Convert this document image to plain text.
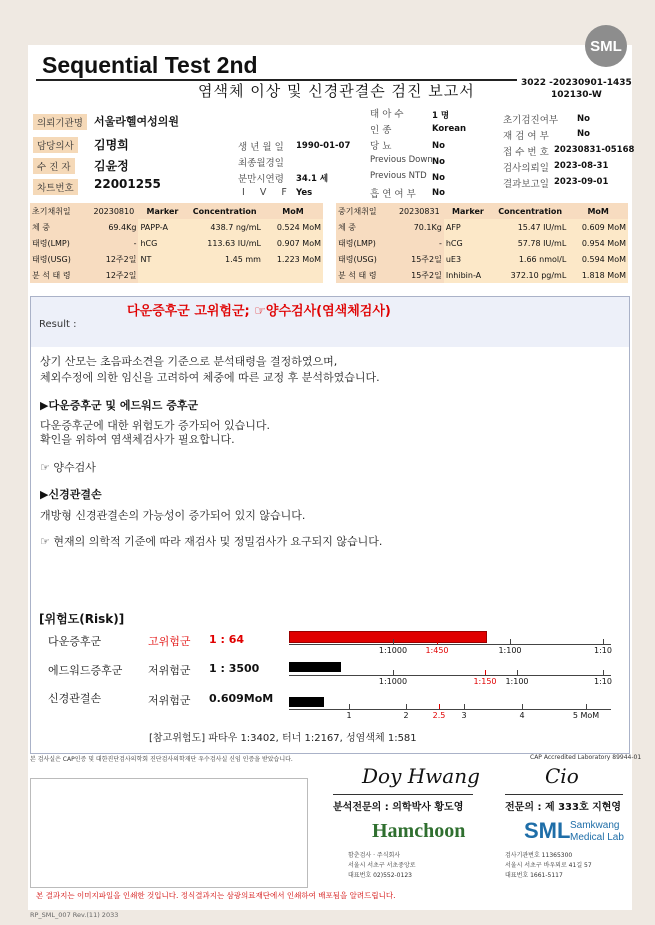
SML
Sequential Test 2nd
염색체 이상 및 신경관결손 검진 보고서	3022 -20230901-1435
102130-W
의뢰기관명	서울라헬여성의원
담당의사	김명희
수 진 자	김윤정
차트번호	22001255
생 년 월 일 1990-01-07
최종월경일
분만시연령 34.1 세
I V F Yes
태 아 수	1 명
인 종	Korean
당 뇨	No
Previous Down No
Previous NTD No
흡 연 여 부 No
초기검진여부 No
재 검 여 부	No
접 수 번 호 20230831-05168
검사의뢰일 2023-08-31
결과보고일 2023-09-01
초기채취일	20230810	Marker	Concentration	MoM
체 중	69.4Kg	PAPP-A	438.7 ng/mL	0.524 MoM
태령(LMP)	-	hCG	113.63 IU/mL	0.907 MoM
태령(USG)	12주2일	NT	1.45 mm	1.223 MoM
분 석 태 령	12주2일			
중기채취일	20230831	Marker	Concentration	MoM
체 중	70.1Kg	AFP	15.47 IU/mL	0.609 MoM
태령(LMP)	-	hCG	57.78 IU/mL	0.954 MoM
태령(USG)	15주2일	uE3	1.66 nmol/L	0.594 MoM
분 석 태 령	15주2일	Inhibin-A	372.10 pg/mL	1.818 MoM
Result :
다운증후군 고위험군; ☞양수검사(염색체검사)
상기 산모는 초음파소견을 기준으로 분석태령을 결정하였으며,
체외수정에 의한 임신을 고려하여 체중에 따른 교정 후 분석하였습니다.
▶다운증후군 및 에드워드 증후군
다운증후군에 대한 위험도가 증가되어 있습니다.
확인을 위하여 염색체검사가 필요합니다.
☞ 양수검사
▶신경관결손
개방형 신경관결손의 가능성이 증가되어 있지 않습니다.
☞ 현재의 의학적 기준에 따라 재검사 및 정밀검사가 요구되지 않습니다.
[위험도(Risk)]
다운증후군	고위험군 1 : 64
1:1000 1:450	1:100	1:10
에드워드증후군 저위험군 1 : 3500
1:1000	1:150 1:100	1:10
신경관결손	저위험군 0.609MoM
1	2	2.5 3	4	5 MoM
[참고위험도] 파타우 1:3402, 터너 1:2167, 성염색체 1:581
본 검사실은 CAP인증 및 대한진단검사의학회 진단검사의학재단 우수검사실 신임 인증을 받았습니다.	CAP Accredited Laboratory 89944-01
Doy Hwang
분석전문의 : 의학박사 황도영
Hamchoon
함춘검사 · 주식회사
서울시 서초구 서초중앙로
대표번호 02)552-0123
Cio
전문의 : 제 333호 지현영
SML Samkwang
Medical Lab
검사기관번호 11365300
서울시 서초구 바우뫼로 41길 57
대표번호 1661-5117
본 결과지는 이미지파일을 인쇄한 것입니다. 정식결과지는 삼광의료재단에서 인쇄하여 배포됨을 알려드립니다.
RP_SML_007 Rev.(11) 2033
